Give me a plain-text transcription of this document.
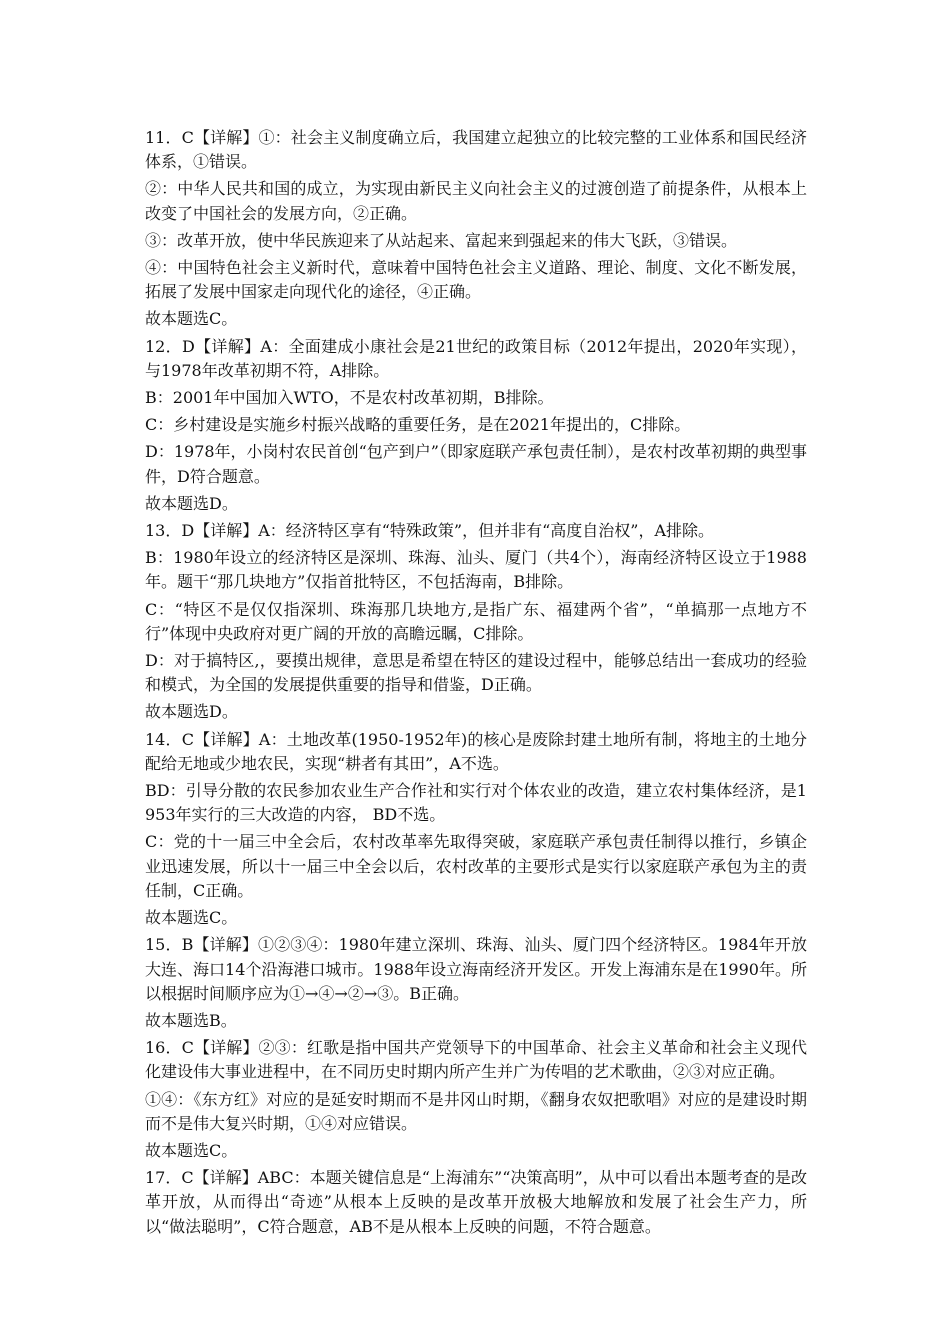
11．C【详解】①：社会主义制度确立后，我国建立起独立的比较完整的工业体系和国民经济体系，①错误。

②：中华人民共和国的成立，为实现由新民主义向社会主义的过渡创造了前提条件，从根本上改变了中国社会的发展方向，②正确。

③：改革开放，使中华民族迎来了从站起来、富起来到强起来的伟大飞跃，③错误。

④：中国特色社会主义新时代，意味着中国特色社会主义道路、理论、制度、文化不断发展，拓展了发展中国家走向现代化的途径，④正确。

故本题选C。

12．D【详解】A：全面建成小康社会是21世纪的政策目标（2012年提出，2020年实现），与1978年改革初期不符，A排除。

B：2001年中国加入WTO，不是农村改革初期，B排除。

C：乡村建设是实施乡村振兴战略的重要任务，是在2021年提出的，C排除。

D：1978年，小岗村农民首创“包产到户”（即家庭联产承包责任制），是农村改革初期的典型事件，D符合题意。

故本题选D。

13．D【详解】A：经济特区享有“特殊政策”，但并非有“高度自治权”，A排除。

B：1980年设立的经济特区是深圳、珠海、汕头、厦门（共4个），海南经济特区设立于1988年。题干“那几块地方”仅指首批特区，不包括海南，B排除。

C：“特区不是仅仅指深圳、珠海那几块地方,是指广东、福建两个省”，“单搞那一点地方不行”体现中央政府对更广阔的开放的高瞻远瞩，C排除。

D：对于搞特区,，要摸出规律，意思是希望在特区的建设过程中，能够总结出一套成功的经验和模式，为全国的发展提供重要的指导和借鉴，D正确。

故本题选D。

14．C【详解】A：土地改革(1950-1952年)的核心是废除封建土地所有制，将地主的土地分配给无地或少地农民，实现“耕者有其田”，A不选。

BD：引导分散的农民参加农业生产合作社和实行对个体农业的改造，建立农村集体经济，是1953年实行的三大改造的内容， BD不选。

C：党的十一届三中全会后，农村改革率先取得突破，家庭联产承包责任制得以推行，乡镇企业迅速发展，所以十一届三中全会以后，农村改革的主要形式是实行以家庭联产承包为主的责任制，C正确。

故本题选C。

15．B【详解】①②③④：1980年建立深圳、珠海、汕头、厦门四个经济特区。1984年开放大连、海口14个沿海港口城市。1988年设立海南经济开发区。开发上海浦东是在1990年。所以根据时间顺序应为①→④→②→③。B正确。

故本题选B。

16．C【详解】②③：红歌是指中国共产党领导下的中国革命、社会主义革命和社会主义现代化建设伟大事业进程中，在不同历史时期内所产生并广为传唱的艺术歌曲，②③对应正确。

①④：《东方红》对应的是延安时期而不是井冈山时期，《翻身农奴把歌唱》对应的是建设时期而不是伟大复兴时期，①④对应错误。

故本题选C。

17．C【详解】ABC：本题关键信息是“上海浦东”“决策高明”，从中可以看出本题考查的是改革开放，从而得出“奇迹”从根本上反映的是改革开放极大地解放和发展了社会生产力，所以“做法聪明”，C符合题意，AB不是从根本上反映的问题，不符合题意。
